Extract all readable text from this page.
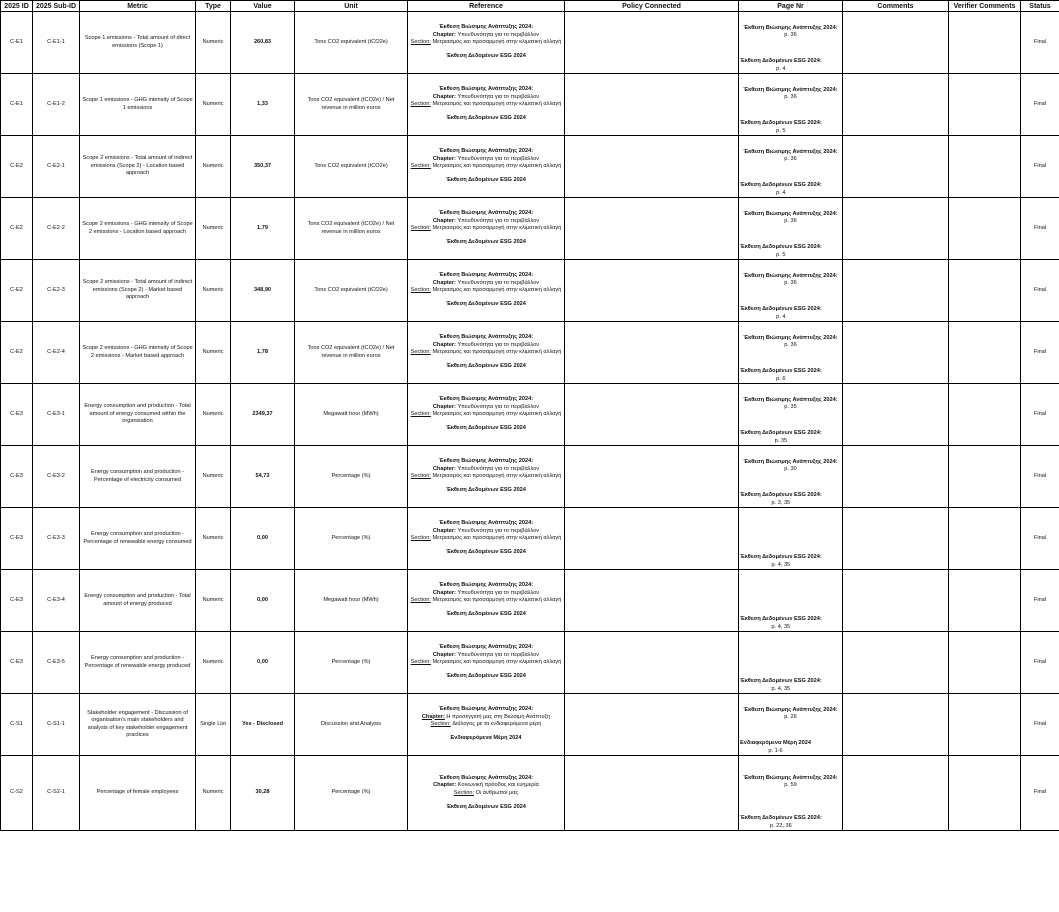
2025 ID	2025 Sub-ID	Metric	Type	Value	Unit	Reference	Policy Connected	Page Nr	Comments	Verifier Comments	Status
C-E1	C-E1-1	Scope 1 emissions - Total amount of direct emissions (Scope 1)	Numeric	260,83	Tons CO2 equivalent (tCO2e)	Έκθεση Βιώσιμης Ανάπτυξης 2024:
Chapter: Υπευθυνότητα για το περιβάλλον
Section: Μετριασμός και προσαρμογή στην κλιματική αλλαγή
Έκθεση Δεδομένων ESG 2024		Έκθεση Βιώσιμης Ανάπτυξης 2024:
p. 36
Έκθεση Δεδομένων ESG 2024:
p. 4			Final
C-E1	C-E1-2	Scope 1 emissions - GHG intensity of Scope 1 emissions	Numeric	1,33	Tons CO2 equivalent (tCO2e) / Net revenue in million euros	Έκθεση Βιώσιμης Ανάπτυξης 2024:
Chapter: Υπευθυνότητα για το περιβάλλον
Section: Μετριασμός και προσαρμογή στην κλιματική αλλαγή
Έκθεση Δεδομένων ESG 2024		Έκθεση Βιώσιμης Ανάπτυξης 2024:
p. 36
Έκθεση Δεδομένων ESG 2024:
p. 5			Final
C-E2	C-E2-1	Scope 2 emissions - Total amount of indirect emissions (Scope 2) - Location based approach	Numeric	350,37	Tons CO2 equivalent (tCO2e)	Έκθεση Βιώσιμης Ανάπτυξης 2024:
Chapter: Υπευθυνότητα για το περιβάλλον
Section: Μετριασμός και προσαρμογή στην κλιματική αλλαγή
Έκθεση Δεδομένων ESG 2024		Έκθεση Βιώσιμης Ανάπτυξης 2024:
p. 36
Έκθεση Δεδομένων ESG 2024:
p. 4			Final
C-E2	C-E2-2	Scope 2 emissions - GHG intensity of Scope 2 emissions - Location based approach	Numeric	1,79	Tons CO2 equivalent (tCO2e) / Net revenue in million euros	Έκθεση Βιώσιμης Ανάπτυξης 2024:
Chapter: Υπευθυνότητα για το περιβάλλον
Section: Μετριασμός και προσαρμογή στην κλιματική αλλαγή
Έκθεση Δεδομένων ESG 2024		Έκθεση Βιώσιμης Ανάπτυξης 2024:
p. 36
Έκθεση Δεδομένων ESG 2024:
p. 5			Final
C-E2	C-E2-3	Scope 2 emissions - Total amount of indirect emissions (Scope 2) - Market based approach	Numeric	348,90	Tons CO2 equivalent (tCO2e)	Έκθεση Βιώσιμης Ανάπτυξης 2024:
Chapter: Υπευθυνότητα για το περιβάλλον
Section: Μετριασμός και προσαρμογή στην κλιματική αλλαγή
Έκθεση Δεδομένων ESG 2024		Έκθεση Βιώσιμης Ανάπτυξης 2024:
p. 36
Έκθεση Δεδομένων ESG 2024:
p. 4			Final
C-E2	C-E2-4	Scope 2 emissions - GHG intensity of Scope 2 emissions - Market based approach	Numeric	1,78	Tons CO2 equivalent (tCO2e) / Net revenue in million euros	Έκθεση Βιώσιμης Ανάπτυξης 2024:
Chapter: Υπευθυνότητα για το περιβάλλον
Section: Μετριασμός και προσαρμογή στην κλιματική αλλαγή
Έκθεση Δεδομένων ESG 2024		Έκθεση Βιώσιμης Ανάπτυξης 2024:
p. 36
Έκθεση Δεδομένων ESG 2024:
p. 6			Final
C-E3	C-E3-1	Energy consumption and production - Total amount of energy consumed within the organisation	Numeric	2349,37	Megawatt hour (MWh)	Έκθεση Βιώσιμης Ανάπτυξης 2024:
Chapter: Υπευθυνότητα για το περιβάλλον
Section: Μετριασμός και προσαρμογή στην κλιματική αλλαγή
Έκθεση Δεδομένων ESG 2024		Έκθεση Βιώσιμης Ανάπτυξης 2024:
p. 35
Έκθεση Δεδομένων ESG 2024:
p. 35			Final
C-E3	C-E3-2	Energy consumption and production - Percentage of electricity consumed	Numeric	54,73	Percentage (%)	Έκθεση Βιώσιμης Ανάπτυξης 2024:
Chapter: Υπευθυνότητα για το περιβάλλον
Section: Μετριασμός και προσαρμογή στην κλιματική αλλαγή
Έκθεση Δεδομένων ESG 2024		Έκθεση Βιώσιμης Ανάπτυξης 2024:
p. 30
Έκθεση Δεδομένων ESG 2024:
p. 3, 35			Final
C-E3	C-E3-3	Energy consumption and production - Percentage of renewable energy consumed	Numeric	0,00	Percentage (%)	Έκθεση Βιώσιμης Ανάπτυξης 2024:
Chapter: Υπευθυνότητα για το περιβάλλον
Section: Μετριασμός και προσαρμογή στην κλιματική αλλαγή
Έκθεση Δεδομένων ESG 2024		Έκθεση Δεδομένων ESG 2024:
p. 4, 35			Final
C-E3	C-E3-4	Energy consumption and production - Total amount of energy produced	Numeric	0,00	Megawatt hour (MWh)	Έκθεση Βιώσιμης Ανάπτυξης 2024:
Chapter: Υπευθυνότητα για το περιβάλλον
Section: Μετριασμός και προσαρμογή στην κλιματική αλλαγή
Έκθεση Δεδομένων ESG 2024		Έκθεση Δεδομένων ESG 2024:
p. 4, 35			Final
C-E3	C-E3-5	Energy consumption and production - Percentage of renewable energy produced	Numeric	0,00	Percentage (%)	Έκθεση Βιώσιμης Ανάπτυξης 2024:
Chapter: Υπευθυνότητα για το περιβάλλον
Section: Μετριασμός και προσαρμογή στην κλιματική αλλαγή
Έκθεση Δεδομένων ESG 2024		Έκθεση Δεδομένων ESG 2024:
p. 4, 35			Final
C-S1	C-S1-1	Stakeholder engagement - Discussion of organisation's main stakeholders and analysis of key stakeholder engagement practices	Single List	Yes - Disclosed	Discussion and Analysis	Έκθεση Βιώσιμης Ανάπτυξης 2024:
Chapter: Η προσέγγισή μας στη Βιώσιμη Ανάπτυξη
Section: Διάλογος με τα ενδιαφερόμενα μέρη
Ενδιαφερόμενα Μέρη 2024		Έκθεση Βιώσιμης Ανάπτυξης 2024:
p. 26
Ενδιαφερόμενα Μέρη 2024
p. 1-6			Final
C-S2	C-S2-1	Percentage of female employees	Numeric	30,28	Percentage (%)	Έκθεση Βιώσιμης Ανάπτυξης 2024:
Chapter: Κοινωνική πρόοδος και ευημερία
Section: Οι άνθρωποί μας
Έκθεση Δεδομένων ESG 2024		Έκθεση Βιώσιμης Ανάπτυξης 2024:
p. 59
Έκθεση Δεδομένων ESG 2024:
p. 22, 36			Final
